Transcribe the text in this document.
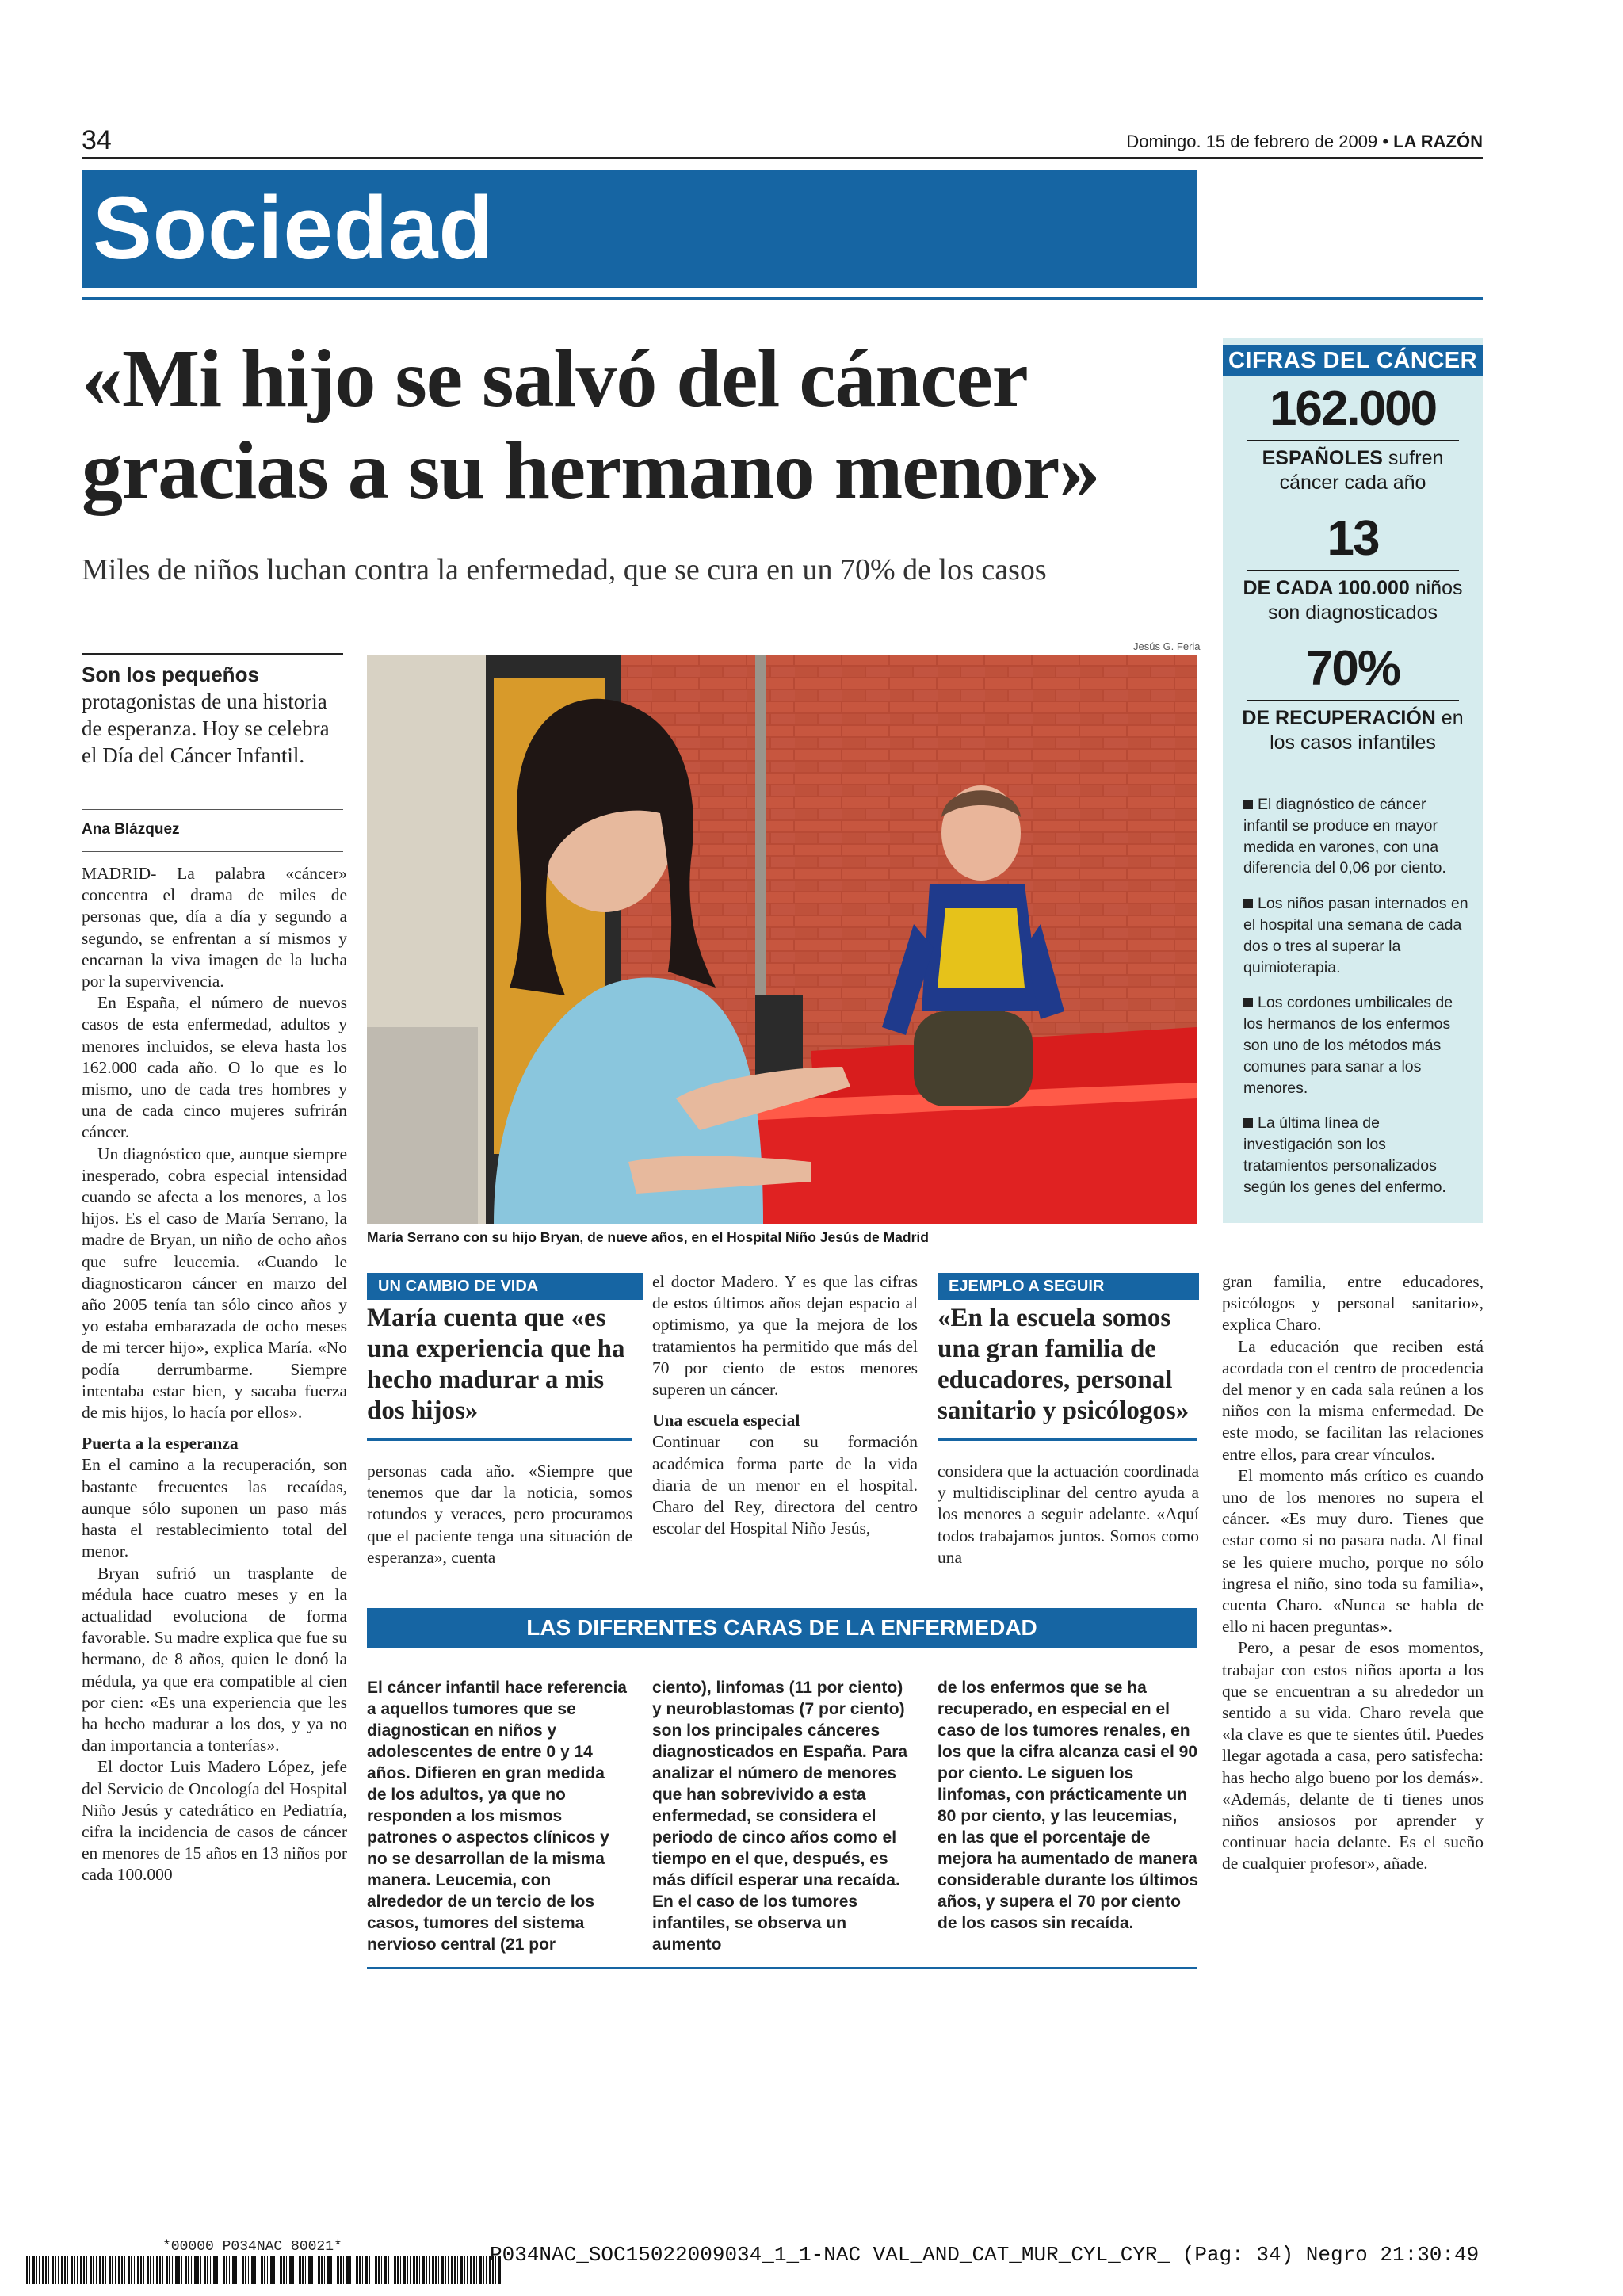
34	Domingo. 15 de febrero de 2009 • LA RAZÓN
Sociedad
«Mi hijo se salvó del cáncer gracias a su hermano menor»
Miles de niños luchan contra la enfermedad, que se cura en un 70% de los casos
Son los pequeños
protagonistas de una historia de esperanza. Hoy se celebra el Día del Cáncer Infantil.
Ana Blázquez

MADRID- La palabra «cáncer» concentra el drama de miles de personas que, día a día y segundo a segundo, se enfrentan a sí mismos y encarnan la viva imagen de la lucha por la supervivencia.

En España, el número de nuevos casos de esta enfermedad, adultos y menores incluidos, se eleva hasta los 162.000 cada año. O lo que es lo mismo, uno de cada tres hombres y una de cada cinco mujeres sufrirán cáncer.

Un diagnóstico que, aunque siempre inesperado, cobra especial intensidad cuando se afecta a los menores, a los hijos. Es el caso de María Serrano, la madre de Bryan, un niño de ocho años que sufre leucemia. «Cuando le diagnosticaron cáncer en marzo del año 2005 tenía tan sólo cinco años y yo estaba embarazada de ocho meses de mi tercer hijo», explica María. «No podía derrumbarme. Siempre intentaba estar bien, y sacaba fuerza de mis hijos, lo hacía por ellos».

Puerta a la esperanza

En el camino a la recuperación, son bastante frecuentes las recaídas, aunque sólo suponen un paso más hasta el restablecimiento total del menor.

Bryan sufrió un trasplante de médula hace cuatro meses y en la actualidad evoluciona de forma favorable. Su madre explica que fue su hermano, de 8 años, quien le donó la médula, ya que era compatible al cien por cien: «Es una experiencia que les ha hecho madurar a los dos, y ya no dan importancia a tonterías».

El doctor Luis Madero López, jefe del Servicio de Oncología del Hospital Niño Jesús y catedrático en Pediatría, cifra la incidencia de casos de cáncer en menores de 15 años en 13 niños por cada 100.000

Jesús G. Feria
María Serrano con su hijo Bryan, de nueve años, en el Hospital Niño Jesús de Madrid
UN CAMBIO DE VIDA
María cuenta que «es una experiencia que ha hecho madurar a mis dos hijos»

personas cada año. «Siempre que tenemos que dar la noticia, somos rotundos y veraces, pero procuramos que el paciente tenga una situación de esperanza», cuenta

el doctor Madero. Y es que las cifras de estos últimos años dejan espacio al optimismo, ya que la mejora de los tratamientos ha permitido que más del 70 por ciento de estos menores superen un cáncer.

Una escuela especial

Continuar con su formación académica forma parte de la vida diaria de un menor en el hospital. Charo del Rey, directora del centro escolar del Hospital Niño Jesús,

EJEMPLO A SEGUIR
«En la escuela somos una gran familia de educadores, personal sanitario y psicólogos»

considera que la actuación coordinada y multidisciplinar del centro ayuda a los menores a seguir adelante. «Aquí todos trabajamos juntos. Somos como una

gran familia, entre educadores, psicólogos y personal sanitario», explica Charo.

La educación que reciben está acordada con el centro de procedencia del menor y en cada sala reúnen a los niños con la misma enfermedad. De este modo, se facilitan las relaciones entre ellos, para crear vínculos.

El momento más crítico es cuando uno de los menores no supera el cáncer. «Es muy duro. Tienes que estar como si no pasara nada. Al final se les quiere mucho, porque no sólo ingresa el niño, sino toda su familia», cuenta Charo. «Nunca se habla de ello ni hacen preguntas».

Pero, a pesar de esos momentos, trabajar con estos niños aporta a los que se encuentran a su alrededor un sentido a su vida. Charo revela que «la clave es que te sientes útil. Puedes llegar agotada a casa, pero satisfecha: has hecho algo bueno por los demás». «Además, delante de ti tienes unos niños ansiosos por aprender y continuar hacia delante. Es el sueño de cualquier profesor», añade.

LAS DIFERENTES CARAS DE LA ENFERMEDAD
El cáncer infantil hace referencia a aquellos tumores que se diagnostican en niños y adolescentes de entre 0 y 14 años. Difieren en gran medida de los adultos, ya que no responden a los mismos patrones o aspectos clínicos y no se desarrollan de la misma manera. Leucemia, con alrededor de un tercio de los casos, tumores del sistema nervioso central (21 por
ciento), linfomas (11 por ciento) y neuroblastomas (7 por ciento) son los principales cánceres diagnosticados en España. Para analizar el número de menores que han sobrevivido a esta enfermedad, se considera el periodo de cinco años como el tiempo en el que, después, es más difícil esperar una recaída. En el caso de los tumores infantiles, se observa un aumento
de los enfermos que se ha recuperado, en especial en el caso de los tumores renales, en los que la cifra alcanza casi el 90 por ciento. Le siguen los linfomas, con prácticamente un 80 por ciento, y las leucemias, en las que el porcentaje de mejora ha aumentado de manera considerable durante los últimos años, y supera el 70 por ciento de los casos sin recaída.
CIFRAS DEL CÁNCER
162.000
ESPAÑOLES sufren
cáncer cada año
13
DE CADA 100.000 niños
son diagnosticados
70%
DE RECUPERACIÓN en
los casos infantiles

El diagnóstico de cáncer infantil se produce en mayor medida en varones, con una diferencia del 0,06 por ciento.

Los niños pasan internados en el hospital una semana de cada dos o tres al superar la quimioterapia.

Los cordones umbilicales de los hermanos de los enfermos son uno de los métodos más comunes para sanar a los menores.

La última línea de investigación son los tratamientos personalizados según los genes del enfermo.

*00000 P034NAC 80021*	P034NAC_SOC15022009034_1_1-NAC VAL_AND_CAT_MUR_CYL_CYR_ (Pag: 34) Negro 21:30:49
